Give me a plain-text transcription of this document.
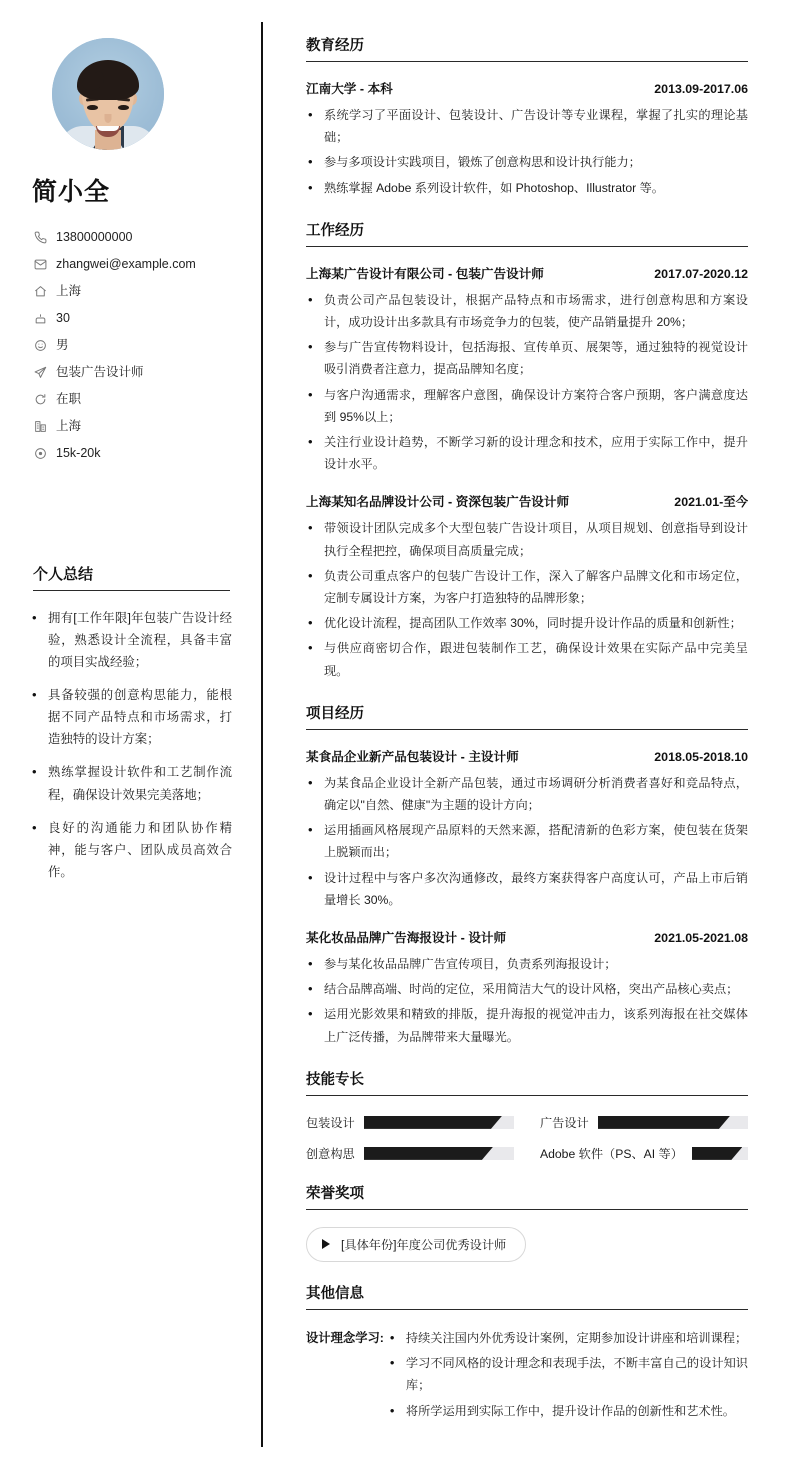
简小全
13800000000
zhangwei@example.com
上海
30
男
包装广告设计师
在职
上海
15k-20k
个人总结

• 拥有[工作年限]年包装广告设计经验，熟悉设计全流程，具备丰富的项目实战经验；

• 具备较强的创意构思能力，能根据不同产品特点和市场需求，打造独特的设计方案；

• 熟练掌握设计软件和工艺制作流程，确保设计效果完美落地；

• 良好的沟通能力和团队协作精神，能与客户、团队成员高效合作。

教育经历
江南大学 - 本科	2013.09-2017.06

• 系统学习了平面设计、包装设计、广告设计等专业课程，掌握了扎实的理论基础；

• 参与多项设计实践项目，锻炼了创意构思和设计执行能力；

• 熟练掌握 Adobe 系列设计软件，如 Photoshop、Illustrator 等。

工作经历
上海某广告设计有限公司 - 包装广告设计师	2017.07-2020.12

• 负责公司产品包装设计，根据产品特点和市场需求，进行创意构思和方案设计，成功设计出多款具有市场竞争力的包装，使产品销量提升 20%；

• 参与广告宣传物料设计，包括海报、宣传单页、展架等，通过独特的视觉设计吸引消费者注意力，提高品牌知名度；

• 与客户沟通需求，理解客户意图，确保设计方案符合客户预期，客户满意度达到 95%以上；

• 关注行业设计趋势，不断学习新的设计理念和技术，应用于实际工作中，提升设计水平。

上海某知名品牌设计公司 - 资深包装广告设计师	2021.01-至今

• 带领设计团队完成多个大型包装广告设计项目，从项目规划、创意指导到设计执行全程把控，确保项目高质量完成；

• 负责公司重点客户的包装广告设计工作，深入了解客户品牌文化和市场定位，定制专属设计方案，为客户打造独特的品牌形象；

• 优化设计流程，提高团队工作效率 30%，同时提升设计作品的质量和创新性；

• 与供应商密切合作，跟进包装制作工艺，确保设计效果在实际产品中完美呈现。

项目经历
某食品企业新产品包装设计 - 主设计师	2018.05-2018.10

• 为某食品企业设计全新产品包装，通过市场调研分析消费者喜好和竞品特点，确定以"自然、健康"为主题的设计方向；

• 运用插画风格展现产品原料的天然来源，搭配清新的色彩方案，使包装在货架上脱颖而出；

• 设计过程中与客户多次沟通修改，最终方案获得客户高度认可，产品上市后销量增长 30%。

某化妆品品牌广告海报设计 - 设计师	2021.05-2021.08

• 参与某化妆品品牌广告宣传项目，负责系列海报设计；

• 结合品牌高端、时尚的定位，采用简洁大气的设计风格，突出产品核心卖点；

• 运用光影效果和精致的排版，提升海报的视觉冲击力，该系列海报在社交媒体上广泛传播，为品牌带来大量曝光。

技能专长
包装设计	广告设计
创意构思	Adobe 软件（PS、AI 等）
荣誉奖项
[具体年份]年度公司优秀设计师
其他信息
设计理念学习:	• 持续关注国内外优秀设计案例，定期参加设计讲座和培训课程；

• 学习不同风格的设计理念和表现手法，不断丰富自己的设计知识库；

• 将所学运用到实际工作中，提升设计作品的创新性和艺术性。
